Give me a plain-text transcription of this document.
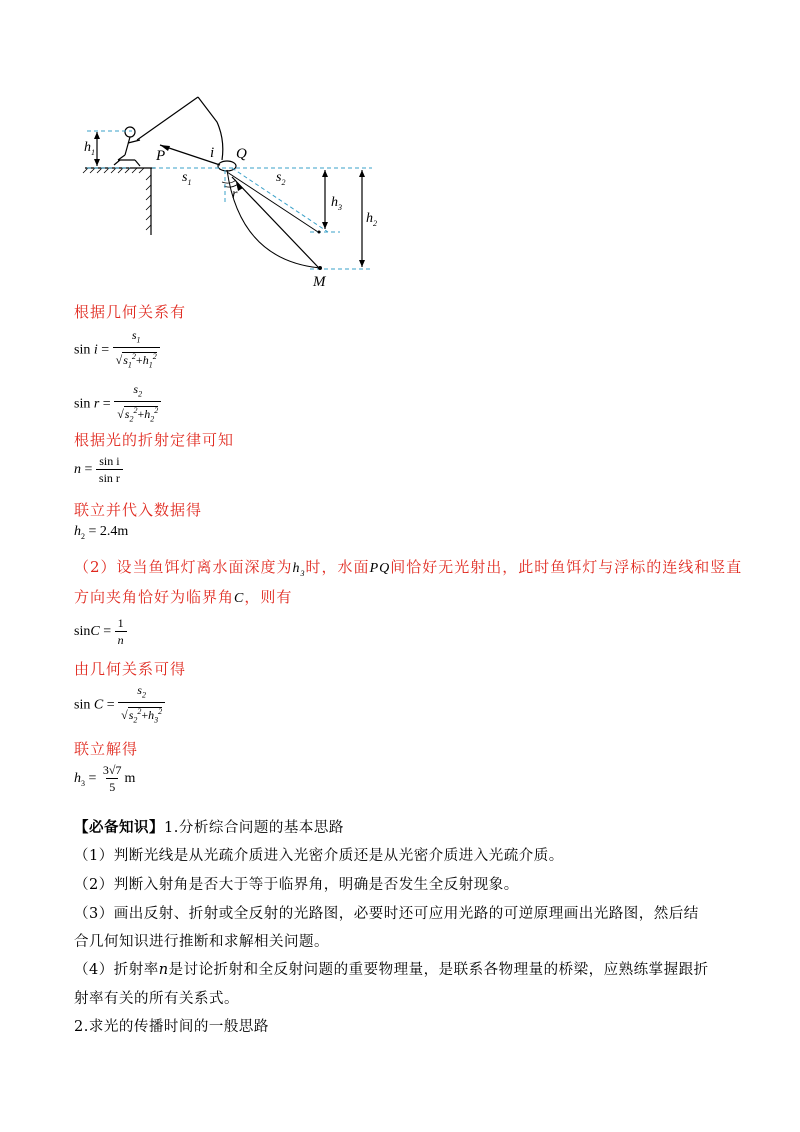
$h_1$	P	i Q
$s_1$	$s_2$
r
$h_3$
$h_2$
M
根据几何关系有
$\sin i = \frac{s_1}{√s_1^2+h_1^2}$
$\sin r = \frac{s_2}{√s_2^2+h_2^2}$
根据光的折射定律可知
$n = \frac{\text{sin i}}{\text{sin r}}$
联立并代入数据得
$h_2 = 2.4m$
（2）设当鱼饵灯离水面深度为$h_3$时，水面PQ间恰好无光射出，此时鱼饵灯与浮标的连线和竖直
方向夹角恰好为临界角C，则有
$\sin C = \frac{1}{n}$
由几何关系可得
$\sin C = \frac{s_2}{√s_2^2+h_3^2}$
联立解得
$h_3 = \frac{3√7}{5}$ m
【必备知识】1.分析综合问题的基本思路
（1）判断光线是从光疏介质进入光密介质还是从光密介质进入光疏介质。
（2）判断入射角是否大于等于临界角，明确是否发生全反射现象。
（3）画出反射、折射或全反射的光路图，必要时还可应用光路的可逆原理画出光路图，然后结
合几何知识进行推断和求解相关问题。
（4）折射率n是讨论折射和全反射问题的重要物理量，是联系各物理量的桥梁，应熟练掌握跟折
射率有关的所有关系式。
2.求光的传播时间的一般思路
